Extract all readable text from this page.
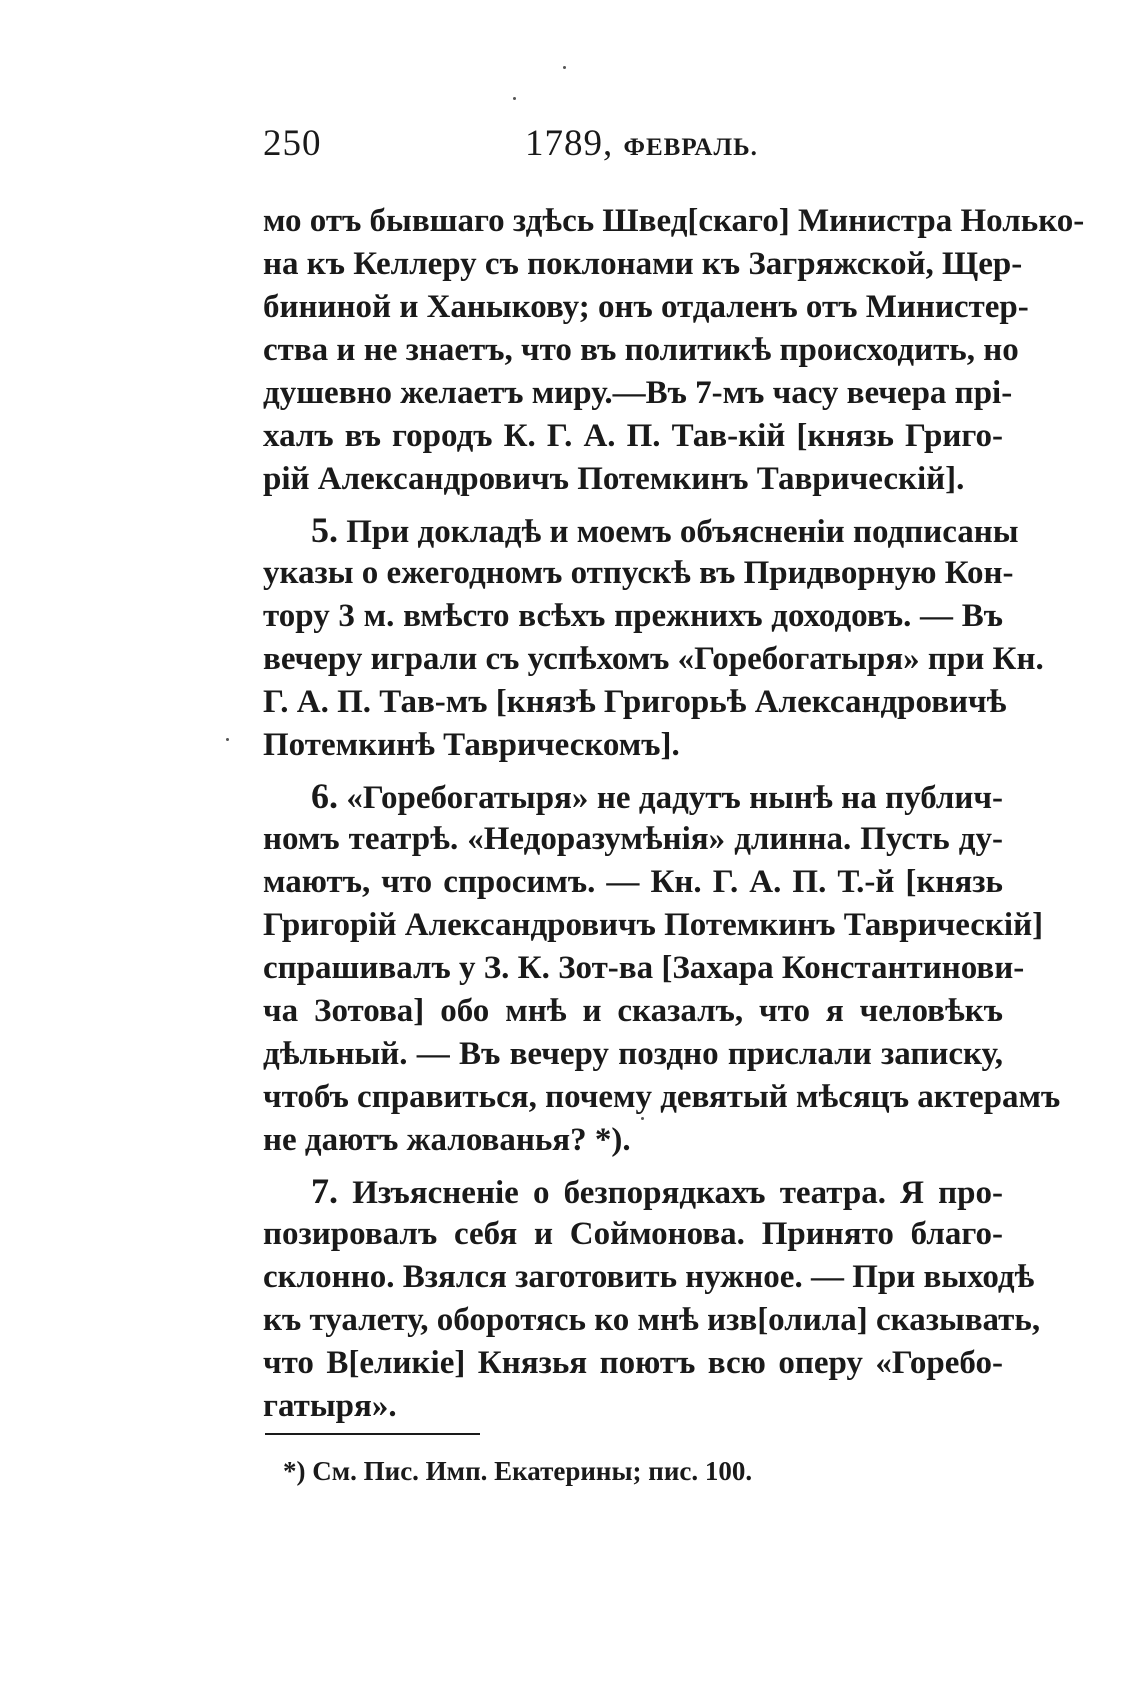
250	1789, ФЕВРАЛЬ.
мо отъ бывшаго здѣсь Швед[скаго] Министра Нолько-
на къ Келлеру съ поклонами къ Загряжской, Щер-
бининой и Ханыкову; онъ отдаленъ отъ Министер-
ства и не знаетъ, что въ политикѣ происходить, но
душевно желаетъ миру.—Въ 7-мъ часу вечера прі-
халъ въ городъ К. Г. А. П. Тав-кій [князь Григо-
рій Александровичъ Потемкинъ Таврическій].
5. При докладѣ и моемъ объясненіи подписаны
указы о ежегодномъ отпускѣ въ Придворную Кон-
тору 3 м. вмѣсто всѣхъ прежнихъ доходовъ. — Въ
вечеру играли съ успѣхомъ «Горебогатыря» при Кн.
Г. А. П. Тав-мъ [князѣ Григорьѣ Александровичѣ
Потемкинѣ Таврическомъ].
6. «Горебогатыря» не дадутъ нынѣ на публич-
номъ театрѣ. «Недоразумѣнія» длинна. Пусть ду-
маютъ, что спросимъ. — Кн. Г. А. П. Т.-й [князь
Григорій Александровичъ Потемкинъ Таврическій]
спрашивалъ у З. К. Зот-ва [Захара Константинови-
ча Зотова] обо мнѣ и сказалъ, что я человѣкъ
дѣльный. — Въ вечеру поздно прислали записку,
чтобъ справиться, почему девятый мѣсяцъ актерамъ
не даютъ жалованья? *).
7. Изъясненіе о безпорядкахъ театра. Я про-
позировалъ себя и Соймонова. Принято благо-
склонно. Взялся заготовить нужное. — При выходѣ
къ туалету, оборотясь ко мнѣ изв[олила] сказывать,
что В[еликіе] Князья поютъ всю оперу «Горебо-
гатыря».
*) См. Пис. Имп. Екатерины; пис. 100.
